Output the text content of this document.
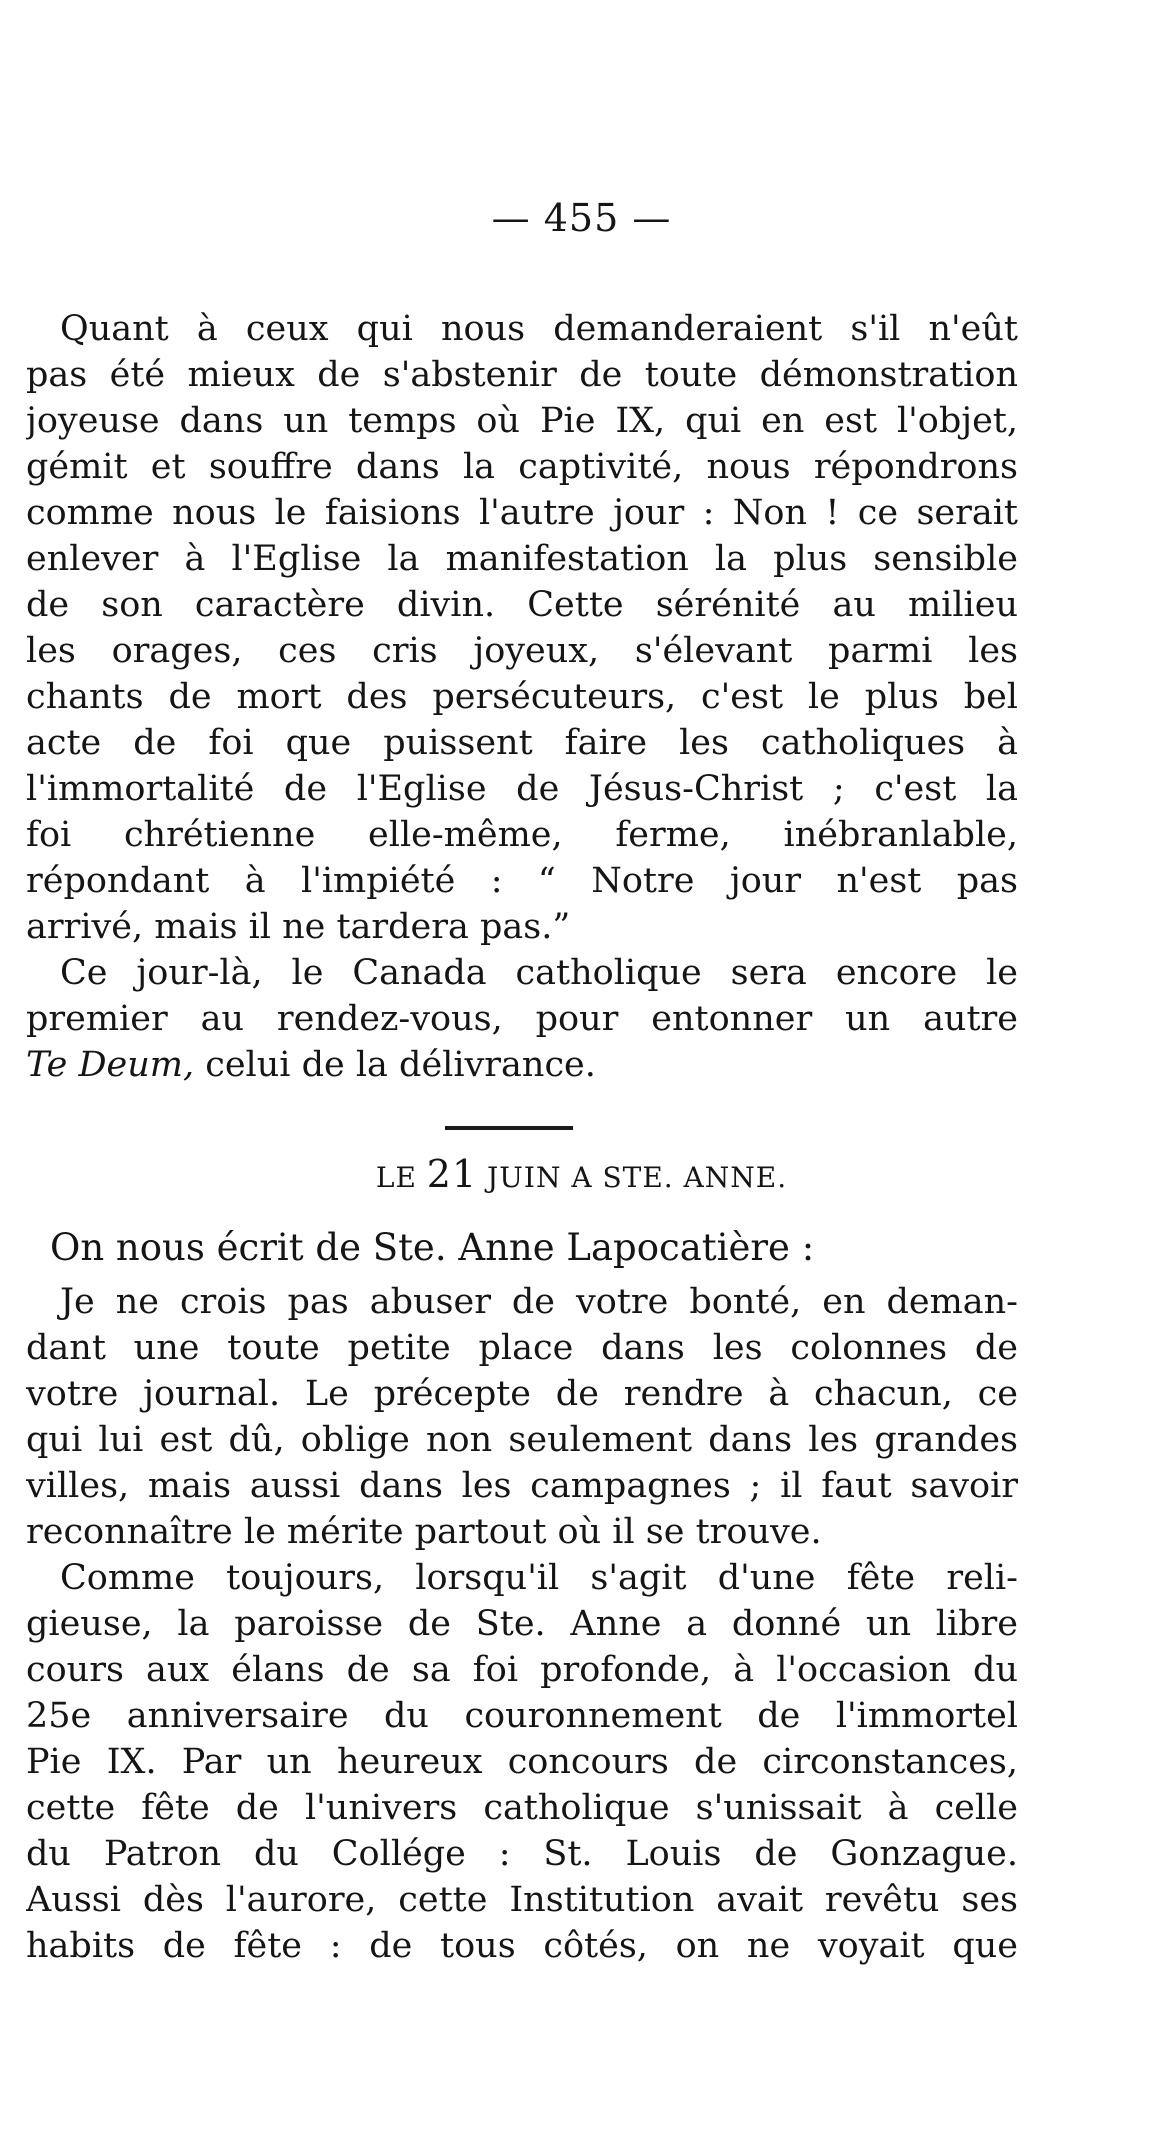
— 455 —
Quant à ceux qui nous demanderaient s'il n'eût
pas été mieux de s'abstenir de toute démonstration
joyeuse dans un temps où Pie IX, qui en est l'objet,
gémit et souffre dans la captivité, nous répondrons
comme nous le faisions l'autre jour : Non ! ce serait
enlever à l'Eglise la manifestation la plus sensible
de son caractère divin. Cette sérénité au milieu
les orages, ces cris joyeux, s'élevant parmi les
chants de mort des persécuteurs, c'est le plus bel
acte de foi que puissent faire les catholiques à
l'immortalité de l'Eglise de Jésus-Christ ; c'est la
foi chrétienne elle-même, ferme, inébranlable,
répondant à l'impiété : “ Notre jour n'est pas
arrivé, mais il ne tardera pas.”
Ce jour-là, le Canada catholique sera encore le
premier au rendez-vous, pour entonner un autre
Te Deum, celui de la délivrance.
LE 21 JUIN A STE. ANNE.
On nous écrit de Ste. Anne Lapocatière :
Je ne crois pas abuser de votre bonté, en deman-
dant une toute petite place dans les colonnes de
votre journal. Le précepte de rendre à chacun, ce
qui lui est dû, oblige non seulement dans les grandes
villes, mais aussi dans les campagnes ; il faut savoir
reconnaître le mérite partout où il se trouve.
Comme toujours, lorsqu'il s'agit d'une fête reli-
gieuse, la paroisse de Ste. Anne a donné un libre
cours aux élans de sa foi profonde, à l'occasion du
25e anniversaire du couronnement de l'immortel
Pie IX. Par un heureux concours de circonstances,
cette fête de l'univers catholique s'unissait à celle
du Patron du Collége : St. Louis de Gonzague.
Aussi dès l'aurore, cette Institution avait revêtu ses
habits de fête : de tous côtés, on ne voyait que
